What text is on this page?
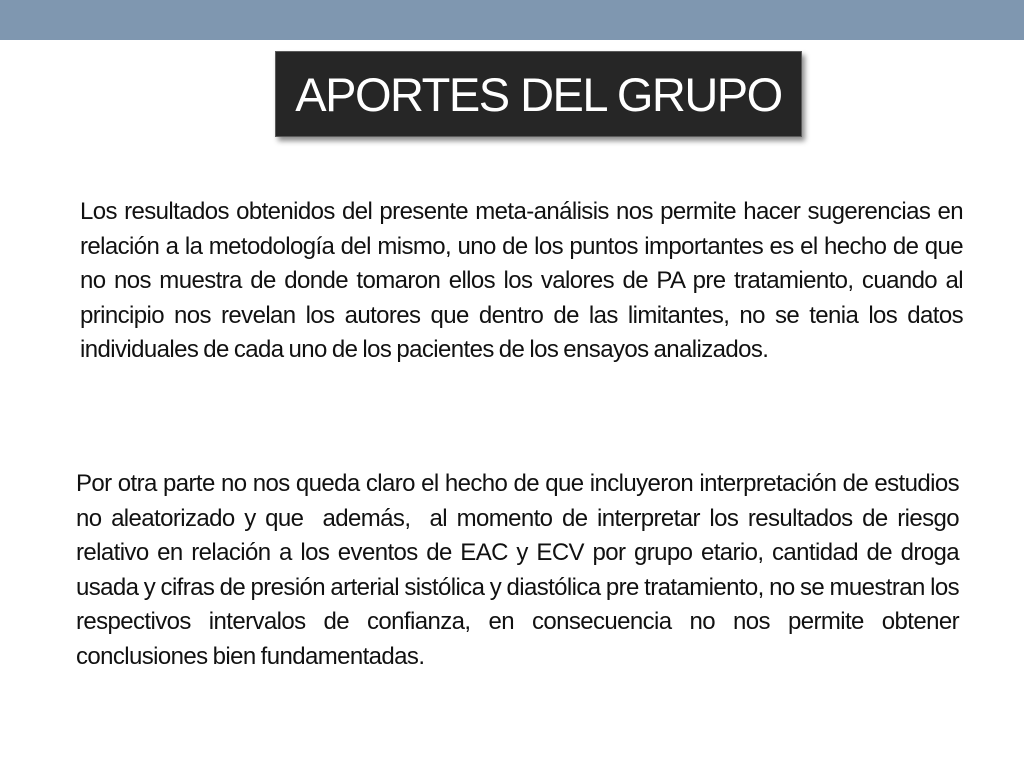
APORTES DEL GRUPO

Los resultados obtenidos del presente meta-análisis nos permite hacer sugerencias en relación a la metodología del mismo, uno de los puntos importantes es el hecho de que no nos muestra de donde tomaron ellos los valores de PA pre tratamiento, cuando al principio nos revelan los autores que dentro de las limitantes, no se tenia los datos individuales de cada uno de los pacientes de los ensayos analizados.

Por otra parte no nos queda claro el hecho de que incluyeron interpretación de estudios no aleatorizado y que  además,  al momento de interpretar los resultados de riesgo relativo en relación a los eventos de EAC y ECV por grupo etario, cantidad de droga usada y cifras de presión arterial sistólica y diastólica pre tratamiento, no se muestran los respectivos intervalos de confianza, en consecuencia no nos permite obtener conclusiones bien fundamentadas.
